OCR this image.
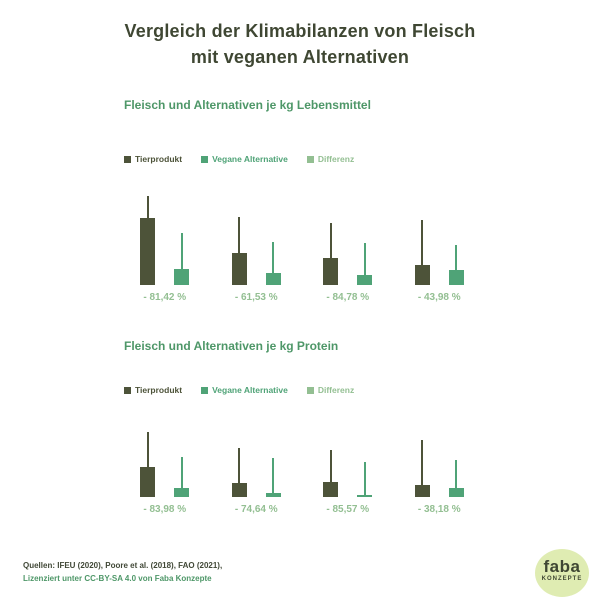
Vergleich der Klimabilanzen von Fleisch
mit veganen Alternativen
Fleisch und Alternativen je kg Lebensmittel
Tierprodukt	Vegane Alternative	Differenz
- 81,42 %	- 61,53 %	- 84,78 %	- 43,98 %
Fleisch und Alternativen je kg Protein
Tierprodukt	Vegane Alternative	Differenz
- 83,98 %	- 74,64 %	- 85,57 %	- 38,18 %
Quellen: IFEU (2020), Poore et al. (2018), FAO (2021),
Lizenziert unter CC-BY-SA 4.0 von Faba Konzepte
faba
KONZEPTE
